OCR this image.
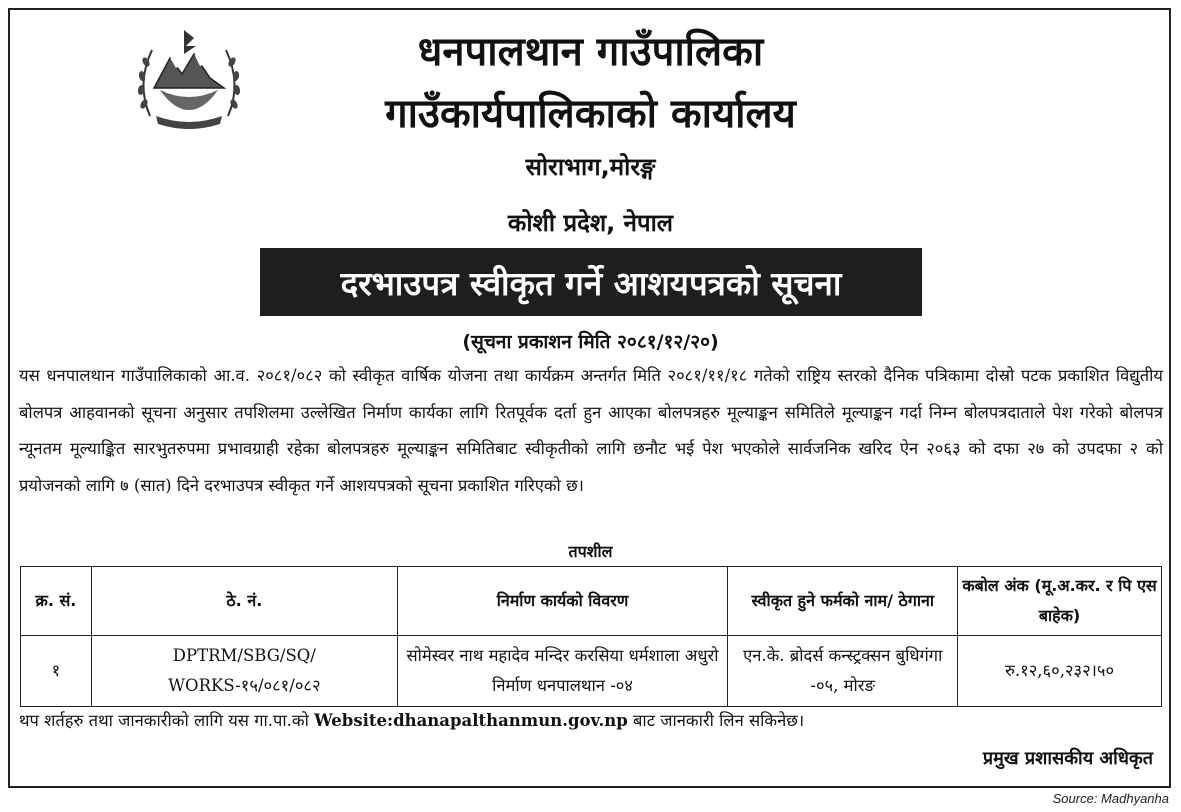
धनपालथान गाउँपालिका
गाउँकार्यपालिकाको कार्यालय
सोराभाग,मोरङ्ग
कोशी प्रदेश, नेपाल
दरभाउपत्र स्वीकृत गर्ने आशयपत्रको सूचना
(सूचना प्रकाशन मिति २०८१/१२/२०)

यस धनपालथान गाउँपालिकाको आ.व. २०८१/०८२ को स्वीकृत वार्षिक योजना तथा कार्यक्रम अन्तर्गत मिति २०८१/११/१८ गतेको राष्ट्रिय स्तरको दैनिक पत्रिकामा दोस्रो पटक प्रकाशित विद्युतीय बोलपत्र आहवानको सूचना अनुसार तपशिलमा उल्लेखित निर्माण कार्यका लागि रितपूर्वक दर्ता हुन आएका बोलपत्रहरु मूल्याङ्कन समितिले मूल्याङ्कन गर्दा निम्न बोलपत्रदाताले पेश गरेको बोलपत्र न्यूनतम मूल्याङ्कित सारभुतरुपमा प्रभावग्राही रहेका बोलपत्रहरु मूल्याङ्कन समितिबाट स्वीकृतीको लागि छनौट भई पेश भएकोले सार्वजनिक खरिद ऐन २०६३ को दफा २७ को उपदफा २ को प्रयोजनको लागि ७ (सात) दिने दरभाउपत्र स्वीकृत गर्ने आशयपत्रको सूचना प्रकाशित गरिएको छ।

तपशील
क्र. सं.	ठे. नं.	निर्माण कार्यको विवरण	स्वीकृत हुने फर्मको नाम/ ठेगाना	कबोल अंक (मू.अ.कर. र पि एस बाहेक)
१	DPTRM/SBG/SQ/ WORKS-१५/०८१/०८२	सोमेस्वर नाथ महादेव मन्दिर करसिया धर्मशाला अधुरो निर्माण धनपालथान -०४	एन.के. ब्रोदर्स कन्स्ट्रक्सन बुधिगंगा -०५, मोरङ	रु.१२,६०,२३२।५०
थप शर्तहरु तथा जानकारीको लागि यस गा.पा.को Website:dhanapalthanmun.gov.np बाट जानकारी लिन सकिनेछ।
प्रमुख प्रशासकीय अधिकृत
Source: Madhyanha
